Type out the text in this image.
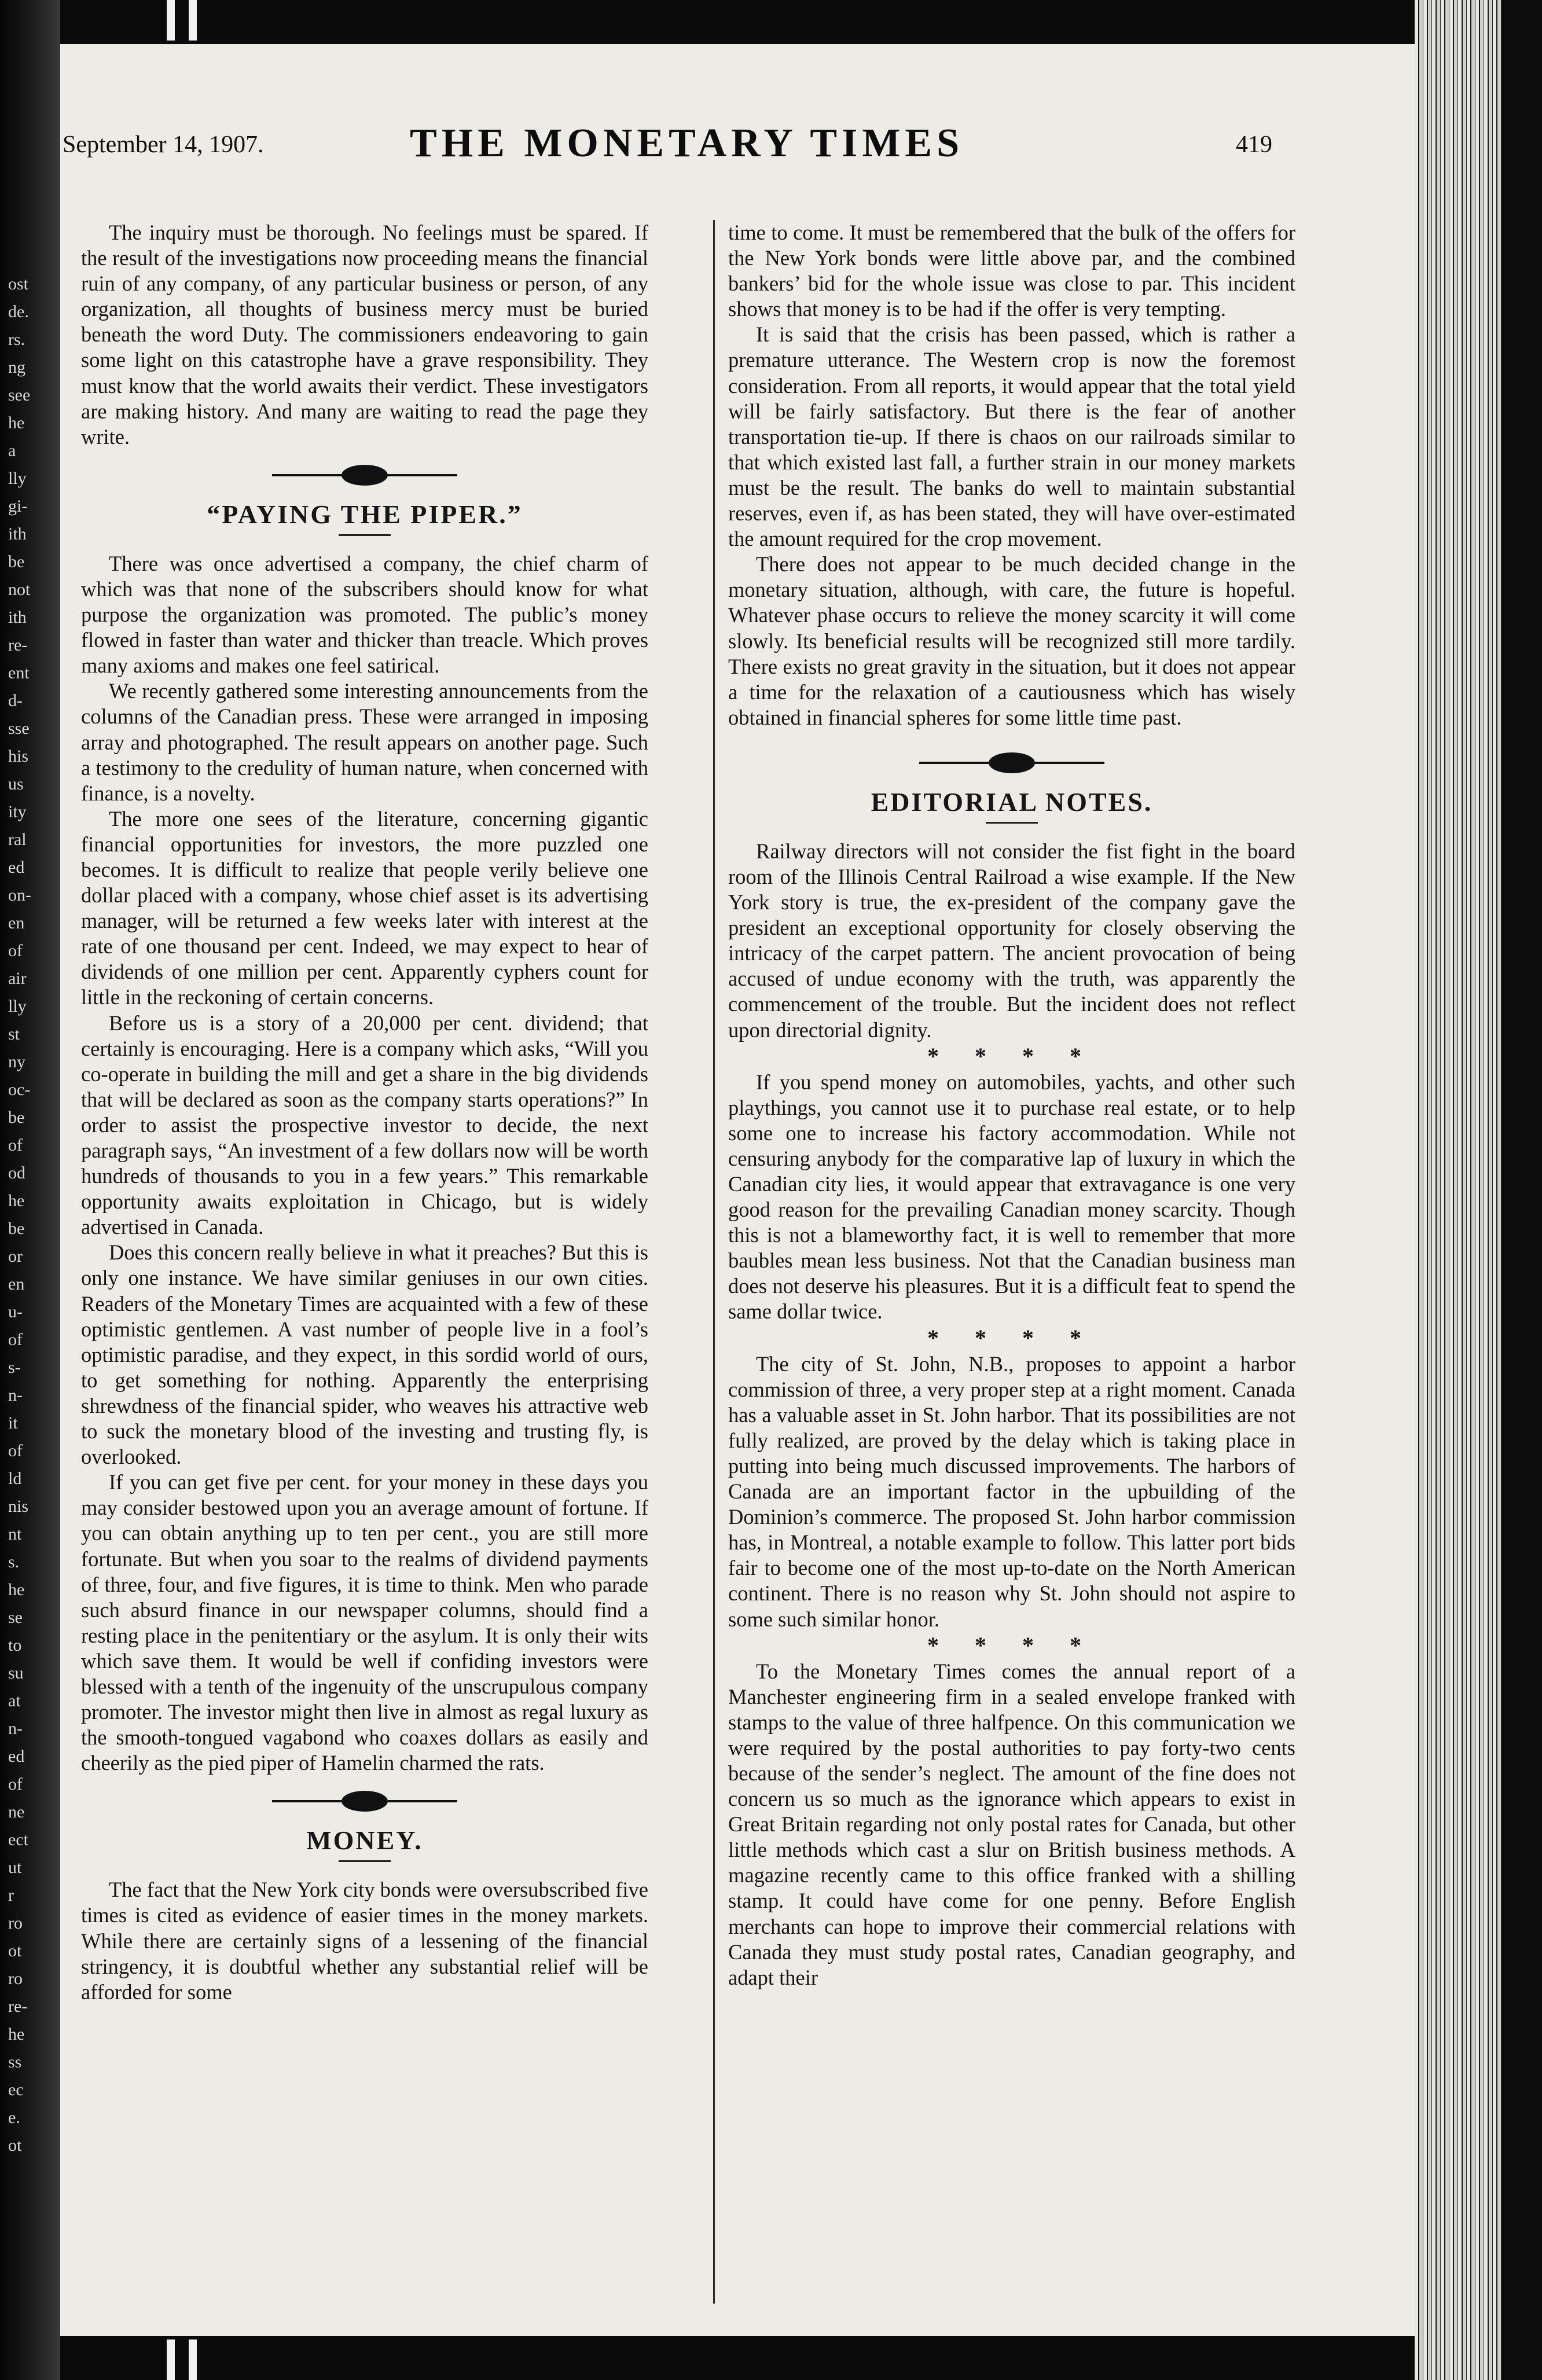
ost
de.
rs.
ng
see
he
a
lly
gi-
ith
be
not
ith
re-
ent
d-
sse
his
us
ity
ral
ed
on-
en
of
air
lly
st
ny
oc-
be
of
od
he
be
or
en
u-
of
s-
n-
it
of
ld
nis
nt
s.
he
se
to
su
at
n-
ed
of
ne
ect
ut
r
ro
ot
ro
re-
he
ss
ec
e.
ot
September 14, 1907.	THE MONETARY TIMES	419

The inquiry must be thorough. No feelings must be spared. If the result of the investigations now proceeding means the financial ruin of any company, of any particular business or person, of any organization, all thoughts of business mercy must be buried beneath the word Duty. The commissioners endeavoring to gain some light on this catastrophe have a grave responsibility. They must know that the world awaits their verdict. These investigators are making history. And many are waiting to read the page they write.

“PAYING THE PIPER.”

There was once advertised a company, the chief charm of which was that none of the subscribers should know for what purpose the organization was promoted. The public’s money flowed in faster than water and thicker than treacle. Which proves many axioms and makes one feel satirical.

We recently gathered some interesting announcements from the columns of the Canadian press. These were arranged in imposing array and photographed. The result appears on another page. Such a testimony to the credulity of human nature, when concerned with finance, is a novelty.

The more one sees of the literature, concerning gigantic financial opportunities for investors, the more puzzled one becomes. It is difficult to realize that people verily believe one dollar placed with a company, whose chief asset is its advertising manager, will be returned a few weeks later with interest at the rate of one thousand per cent. Indeed, we may expect to hear of dividends of one million per cent. Apparently cyphers count for little in the reckoning of certain concerns.

Before us is a story of a 20,000 per cent. dividend; that certainly is encouraging. Here is a company which asks, “Will you co-operate in building the mill and get a share in the big dividends that will be declared as soon as the company starts operations?” In order to assist the prospective investor to decide, the next paragraph says, “An investment of a few dollars now will be worth hundreds of thousands to you in a few years.” This remarkable opportunity awaits exploitation in Chicago, but is widely advertised in Canada.

Does this concern really believe in what it preaches? But this is only one instance. We have similar geniuses in our own cities. Readers of the Monetary Times are acquainted with a few of these optimistic gentlemen. A vast number of people live in a fool’s optimistic paradise, and they expect, in this sordid world of ours, to get something for nothing. Apparently the enterprising shrewdness of the financial spider, who weaves his attractive web to suck the monetary blood of the investing and trusting fly, is overlooked.

If you can get five per cent. for your money in these days you may consider bestowed upon you an average amount of fortune. If you can obtain anything up to ten per cent., you are still more fortunate. But when you soar to the realms of dividend payments of three, four, and five figures, it is time to think. Men who parade such absurd finance in our newspaper columns, should find a resting place in the penitentiary or the asylum. It is only their wits which save them. It would be well if confiding investors were blessed with a tenth of the ingenuity of the unscrupulous company promoter. The investor might then live in almost as regal luxury as the smooth-tongued vagabond who coaxes dollars as easily and cheerily as the pied piper of Hamelin charmed the rats.

MONEY.

The fact that the New York city bonds were oversubscribed five times is cited as evidence of easier times in the money markets. While there are certainly signs of a lessening of the financial stringency, it is doubtful whether any substantial relief will be afforded for some

time to come. It must be remembered that the bulk of the offers for the New York bonds were little above par, and the combined bankers’ bid for the whole issue was close to par. This incident shows that money is to be had if the offer is very tempting.

It is said that the crisis has been passed, which is rather a premature utterance. The Western crop is now the foremost consideration. From all reports, it would appear that the total yield will be fairly satisfactory. But there is the fear of another transportation tie-up. If there is chaos on our railroads similar to that which existed last fall, a further strain in our money markets must be the result. The banks do well to maintain substantial reserves, even if, as has been stated, they will have over-estimated the amount required for the crop movement.

There does not appear to be much decided change in the monetary situation, although, with care, the future is hopeful. Whatever phase occurs to relieve the money scarcity it will come slowly. Its beneficial results will be recognized still more tardily. There exists no great gravity in the situation, but it does not appear a time for the relaxation of a cautiousness which has wisely obtained in financial spheres for some little time past.

EDITORIAL NOTES.

Railway directors will not consider the fist fight in the board room of the Illinois Central Railroad a wise example. If the New York story is true, the ex-president of the company gave the president an exceptional opportunity for closely observing the intricacy of the carpet pattern. The ancient provocation of being accused of undue economy with the truth, was apparently the commencement of the trouble. But the incident does not reflect upon directorial dignity.

* * * *

If you spend money on automobiles, yachts, and other such playthings, you cannot use it to purchase real estate, or to help some one to increase his factory accommodation. While not censuring anybody for the comparative lap of luxury in which the Canadian city lies, it would appear that extravagance is one very good reason for the prevailing Canadian money scarcity. Though this is not a blameworthy fact, it is well to remember that more baubles mean less business. Not that the Canadian business man does not deserve his pleasures. But it is a difficult feat to spend the same dollar twice.

* * * *

The city of St. John, N.B., proposes to appoint a harbor commission of three, a very proper step at a right moment. Canada has a valuable asset in St. John harbor. That its possibilities are not fully realized, are proved by the delay which is taking place in putting into being much discussed improvements. The harbors of Canada are an important factor in the upbuilding of the Dominion’s commerce. The proposed St. John harbor commission has, in Montreal, a notable example to follow. This latter port bids fair to become one of the most up-to-date on the North American continent. There is no reason why St. John should not aspire to some such similar honor.

* * * *

To the Monetary Times comes the annual report of a Manchester engineering firm in a sealed envelope franked with stamps to the value of three halfpence. On this communication we were required by the postal authorities to pay forty-two cents because of the sender’s neglect. The amount of the fine does not concern us so much as the ignorance which appears to exist in Great Britain regarding not only postal rates for Canada, but other little methods which cast a slur on British business methods. A magazine recently came to this office franked with a shilling stamp. It could have come for one penny. Before English merchants can hope to improve their commercial relations with Canada they must study postal rates, Canadian geography, and adapt their
